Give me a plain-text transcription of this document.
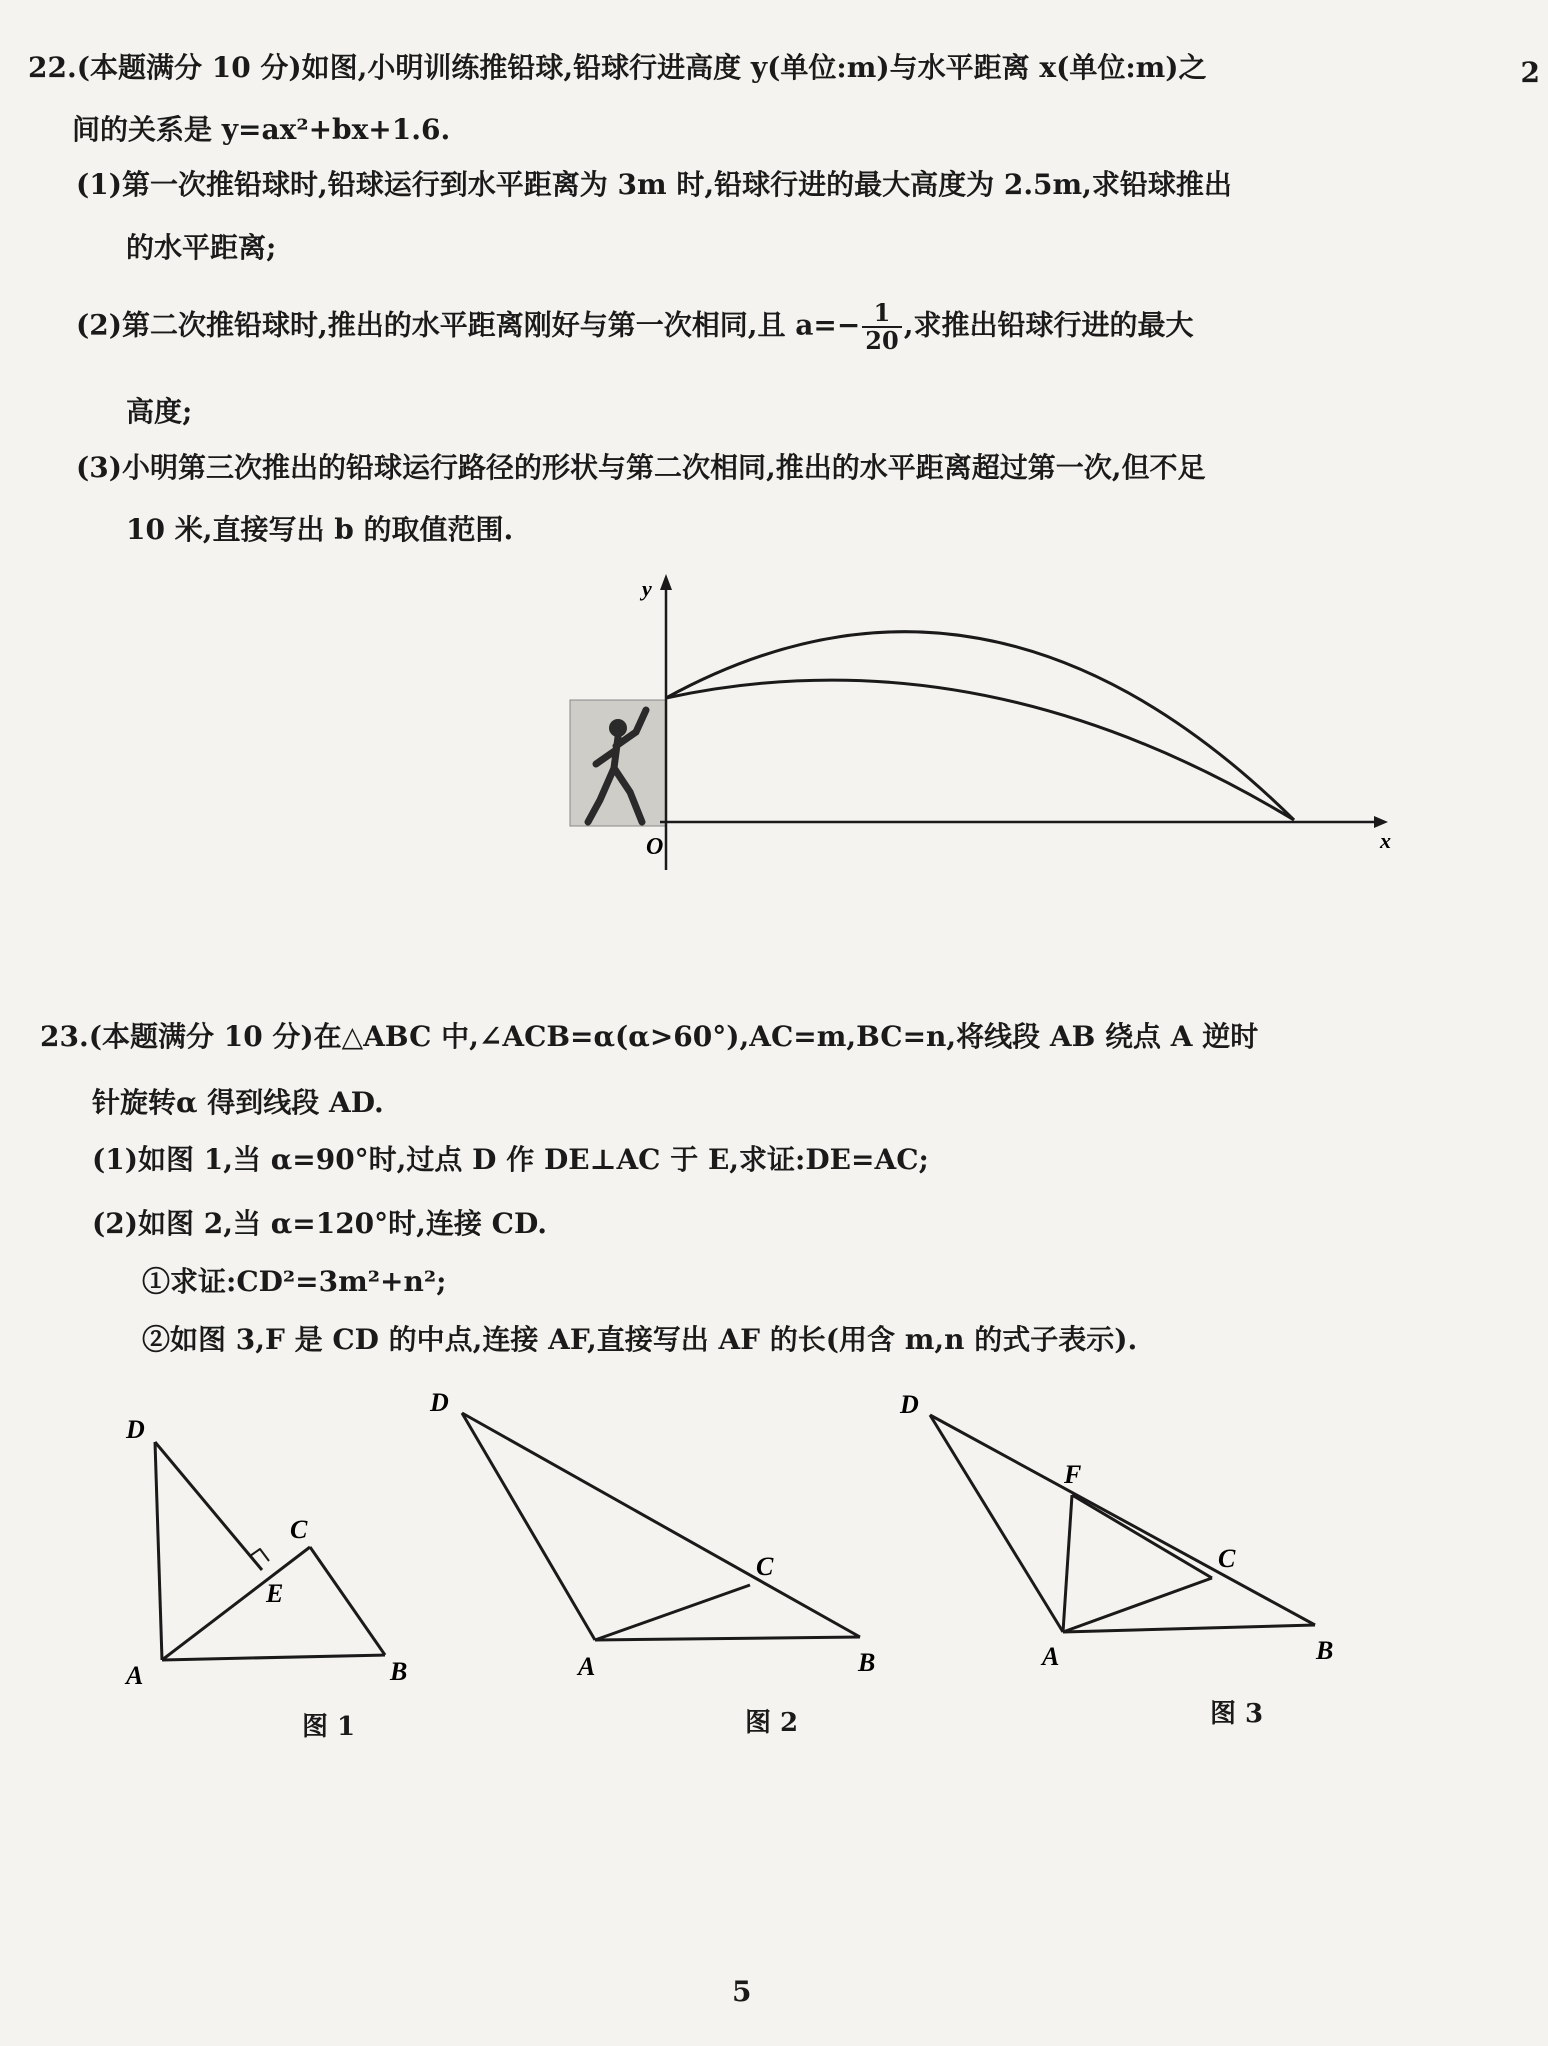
2
22.(本题满分 10 分)如图,小明训练推铅球,铅球行进高度 y(单位:m)与水平距离 x(单位:m)之
间的关系是 y=ax²+bx+1.6.
(1)第一次推铅球时,铅球运行到水平距离为 3m 时,铅球行进的最大高度为 2.5m,求铅球推出
的水平距离;
(2)第二次推铅球时,推出的水平距离刚好与第一次相同,且 $a=- \frac{1}{20}$ ,求推出铅球行进的最大
高度;
(3)小明第三次推出的铅球运行路径的形状与第二次相同,推出的水平距离超过第一次,但不足
10 米,直接写出 b 的取值范围.
y
x
O
23.(本题满分 10 分)在△ABC 中,∠ACB=α(α>60°),AC=m,BC=n,将线段 AB 绕点 A 逆时
针旋转α 得到线段 AD.
(1)如图 1,当 α=90°时,过点 D 作 DE⊥AC 于 E,求证:DE=AC;
(2)如图 2,当 α=120°时,连接 CD.
①求证:CD²=3m²+n²;
②如图 3,F 是 CD 的中点,连接 AF,直接写出 AF 的长(用含 m,n 的式子表示).
D
C
E
A	B
图 1
D
C
A	B
图 2
D
F
C
A	B
图 3
5
